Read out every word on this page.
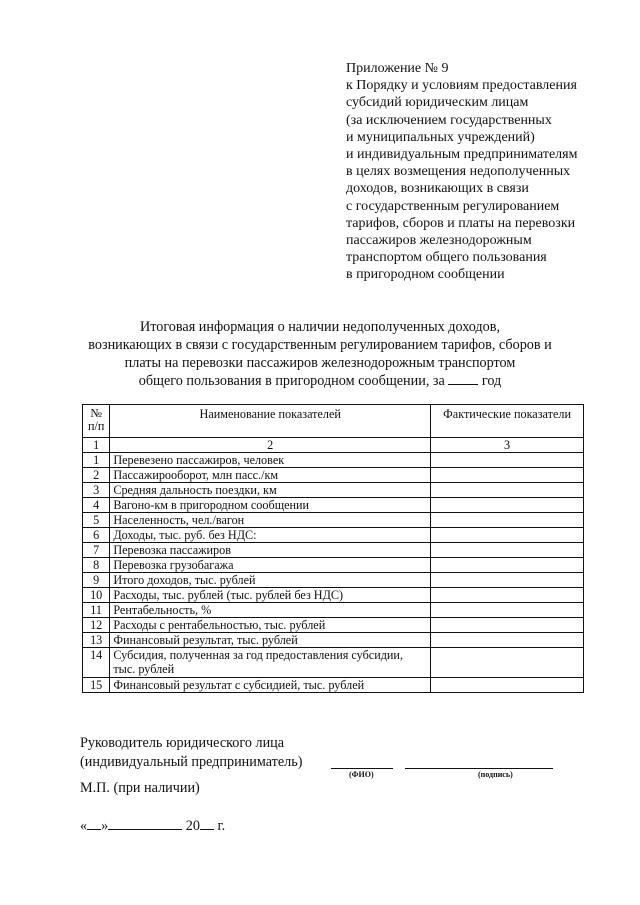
Приложение № 9
к Порядку и условиям предоставления
субсидий юридическим лицам
(за исключением государственных
и муниципальных учреждений)
и индивидуальным предпринимателям
в целях возмещения недополученных
доходов, возникающих в связи
с государственным регулированием
тарифов, сборов и платы на перевозки
пассажиров железнодорожным
транспортом общего пользования
в пригородном сообщении
Итоговая информация о наличии недополученных доходов,
возникающих в связи с государственным регулированием тарифов, сборов и
платы на перевозки пассажиров железнодорожным транспортом
общего пользования в пригородном сообщении, за	год
№
п/п	Наименование показателей	Фактические показатели
1	2	3
1	Перевезено пассажиров, человек	
2	Пассажирооборот, млн пасс./км	
3	Средняя дальность поездки, км	
4	Вагоно-км в пригородном сообщении	
5	Населенность, чел./вагон	
6	Доходы, тыс. руб. без НДС:	
7	Перевозка пассажиров	
8	Перевозка грузобагажа	
9	Итого доходов, тыс. рублей	
10	Расходы, тыс. рублей (тыс. рублей без НДС)	
11	Рентабельность, %	
12	Расходы с рентабельностью, тыс. рублей	
13	Финансовый результат, тыс. рублей	
14	Субсидия, полученная за год предоставления субсидии, тыс. рублей	
15	Финансовый результат с субсидией, тыс. рублей	
Руководитель юридического лица
(индивидуальный предприниматель)
(ФИО)	(подпись)
М.П. (при наличии)
« »	20 г.
